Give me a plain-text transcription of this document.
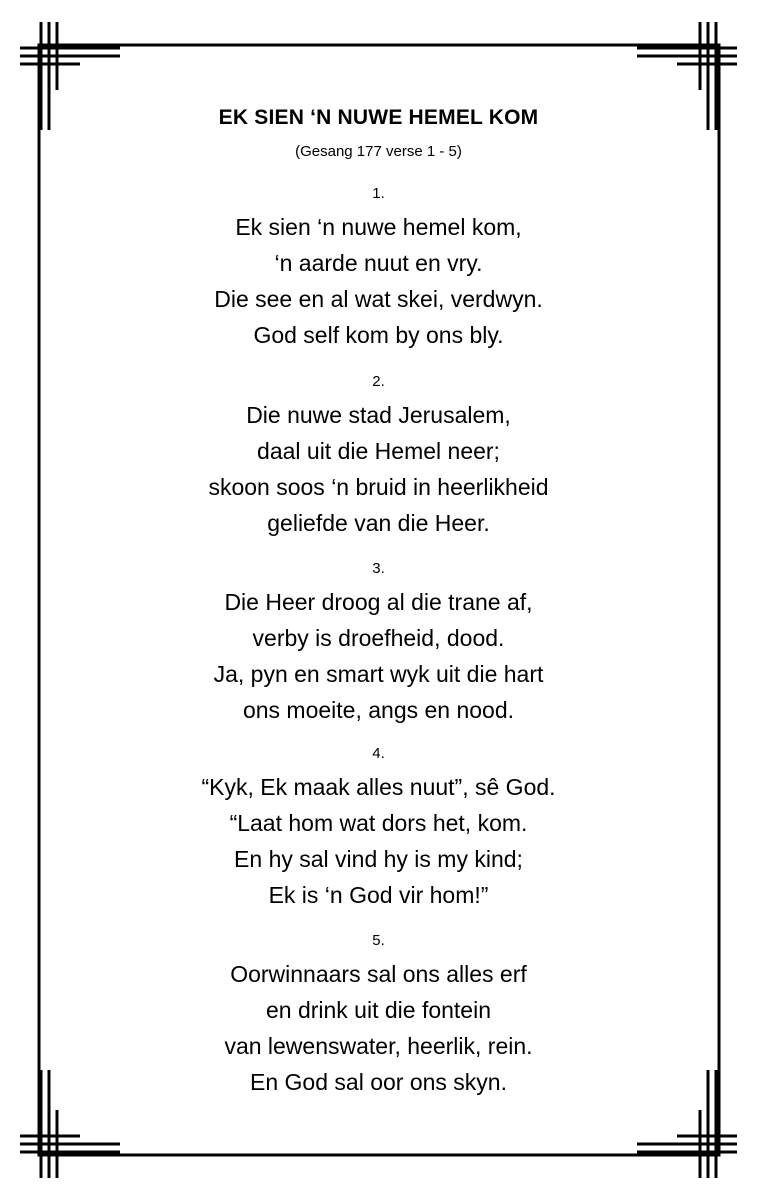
EK SIEN ‘N NUWE HEMEL KOM
(Gesang 177 verse 1 - 5)
1.
Ek sien ‘n nuwe hemel kom,
‘n aarde nuut en vry.
Die see en al wat skei, verdwyn.
God self kom by ons bly.
2.
Die nuwe stad Jerusalem,
daal uit die Hemel neer;
skoon soos ‘n bruid in heerlikheid
geliefde van die Heer.
3.
Die Heer droog al die trane af,
verby is droefheid, dood.
Ja, pyn en smart wyk uit die hart
ons moeite, angs en nood.
4.
“Kyk, Ek maak alles nuut”, sê God.
“Laat hom wat dors het, kom.
En hy sal vind hy is my kind;
Ek is ‘n God vir hom!”
5.
Oorwinnaars sal ons alles erf
en drink uit die fontein
van lewenswater, heerlik, rein.
En God sal oor ons skyn.
